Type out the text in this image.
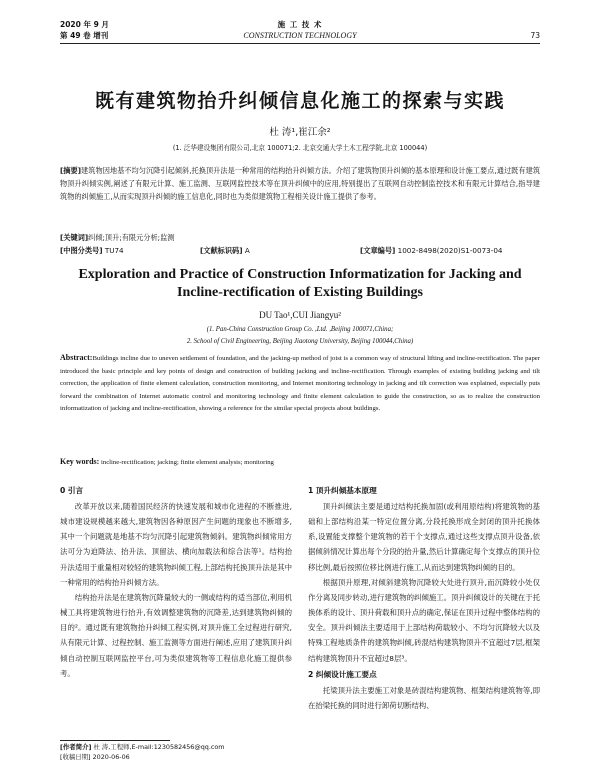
2020 年 9 月
第 49 卷 增刊
施 工 技 术
CONSTRUCTION TECHNOLOGY	73
既有建筑物抬升纠倾信息化施工的探索与实践
杜 涛¹,崔江余²
(1. 泛华建设集团有限公司,北京 100071;2. 北京交通大学土木工程学院,北京 100044)
[摘要]建筑物因地基不均匀沉降引起倾斜,托换顶升法是一种常用的结构抬升纠倾方法。介绍了建筑物顶升纠倾的基本原理和设计施工要点,通过既有建筑物顶升纠倾实例,阐述了有限元计算、施工监测、互联网监控技术等在顶升纠倾中的应用,特别提出了互联网自动控制监控技术和有限元计算结合,指导建筑物的纠倾施工,从而实现顶升纠倾的施工信息化,同时也为类似建筑物工程相关设计施工提供了参考。
[关键词]纠倾;顶升;有限元分析;监测
[中图分类号] TU74	[文献标识码] A	[文章编号] 1002-8498(2020)S1-0073-04
Exploration and Practice of Construction Informatization for Jacking and Incline-rectification of Existing Buildings
DU Tao¹,CUI Jiangyu²
(1. Pan-China Construction Group Co. ,Ltd. ,Beijing 100071,China;
2. School of Civil Engineering, Beijing Jiaotong University, Beijing 100044,China)
Abstract:Buildings incline due to uneven settlement of foundation, and the jacking-up method of joist is a common way of structural lifting and incline-rectification. The paper introduced the basic principle and key points of design and construction of building jacking and incline-rectification. Through examples of existing building jacking and tilt correction, the application of finite element calculation, construction monitoring, and Internet monitoring technology in jacking and tilt correction was explained, especially puts forward the combination of Internet automatic control and monitoring technology and finite element calculation to guide the construction, so as to realize the construction informatization of jacking and incline-rectification, showing a reference for the similar special projects about buildings.
Key words: incline-rectification; jacking; finite element analysis; monitoring
0 引言

改革开放以来,随着国民经济的快速发展和城市化进程的不断推进,城市建设规模越来越大,建筑物因各种原因产生问题的现象也不断增多,其中一个问题就是地基不均匀沉降引起建筑物倾斜。建筑物纠倾常用方法可分为迫降法、抬升法、顶留法、横向加载法和综合法等¹。结构抬升法适用于重量相对较轻的建筑物纠倾工程,上部结构托换顶升法是其中一种常用的结构抬升纠倾方法。

结构抬升法是在建筑物沉降量较大的一侧或结构的适当部位,利用机械工具将建筑物进行抬升,有效调整建筑物的沉降差,达到建筑物纠倾的目的²。通过既有建筑物抬升纠倾工程实例,对顶升施工全过程进行研究,从有限元计算、过程控制、施工监测等方面进行阐述,应用了建筑顶升纠倾自动控制互联网监控平台,可为类似建筑物等工程信息化施工提供参考。

1 顶升纠倾基本原理

顶升纠倾法主要是通过结构托换加固(或利用原结构)将建筑物的基础和上部结构沿某一特定位置分离,分段托换形成全封闭的顶升托换体系,设置能支撑整个建筑物的若干个支撑点,通过这些支撑点顶升设备,依据倾斜情况计算出每个分段的抬升量,然后计算确定每个支撑点的顶升位移比例,最后按照位移比例进行施工,从而达到建筑物纠倾的目的。

根据顶升原理,对倾斜建筑物沉降较大处进行顶升,而沉降较小处仅作分离及同步转动,进行建筑物的纠倾施工。顶升纠倾设计的关键在于托换体系的设计、顶升荷载和顶升点的确定,保证在顶升过程中整体结构的安全。顶升纠倾法主要适用于上部结构荷载较小、不均匀沉降较大以及特殊工程地质条件的建筑物纠倾,砖混结构建筑物顶升不宜超过7层,框架结构建筑物顶升不宜超过8层³。

2 纠倾设计施工要点

托梁顶升法主要施工对象是砖混结构建筑物、框架结构建筑物等,即在抬梁托换的同时进行卸荷切断结构、

[作者简介] 杜 涛,工程师,E-mail:1230582456@qq.com
[收稿日期] 2020-06-06
